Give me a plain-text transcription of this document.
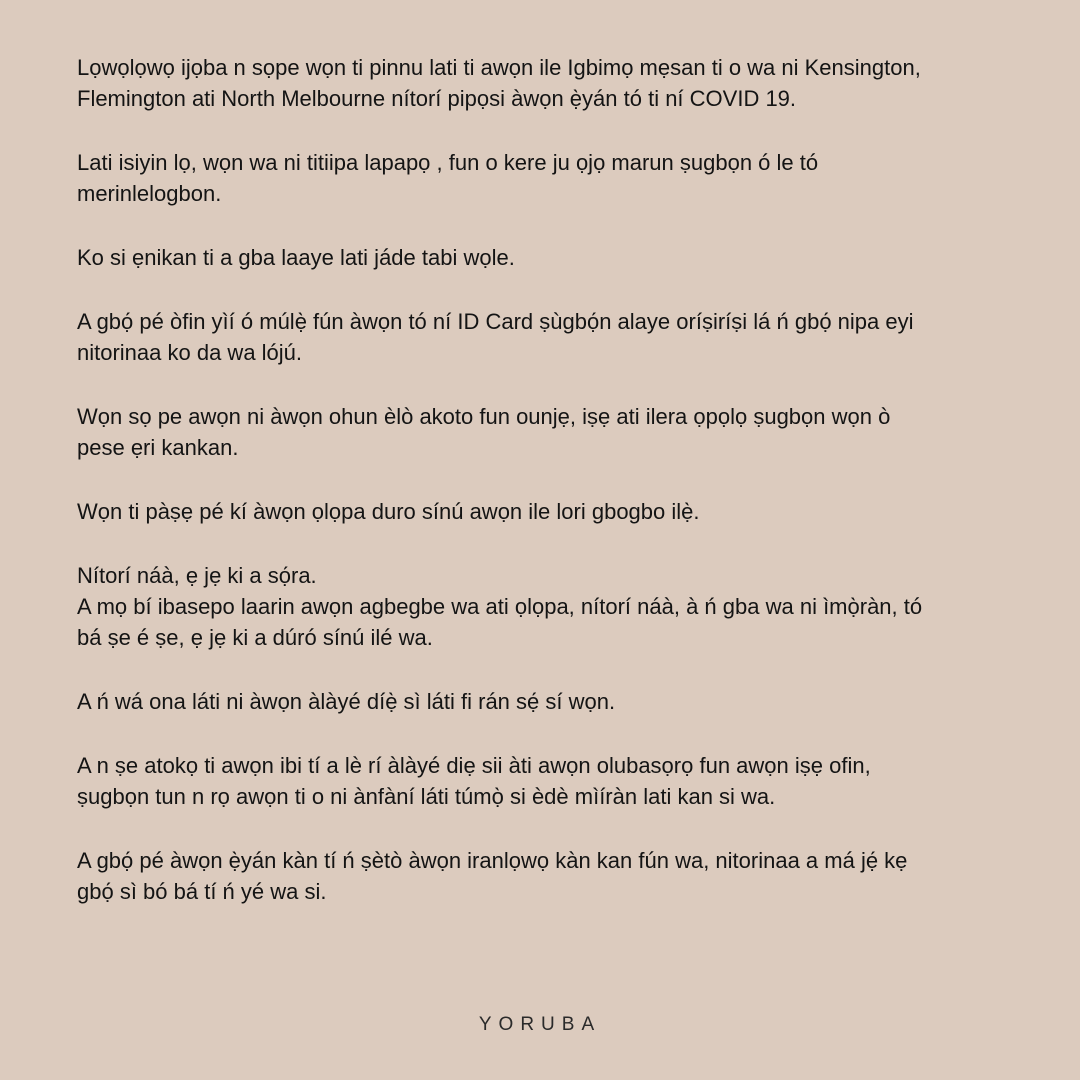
Lọwọlọwọ ijọba n sọpe wọn ti pinnu lati ti awọn ile Igbimọ mẹsan ti o wa ni Kensington,
Flemington ati North Melbourne nítorí pipọsi àwọn ẹ̀yán tó ti ní COVID 19.

Lati isiyin lọ, wọn wa ni titiipa lapapọ , fun o kere ju ọjọ marun ṣugbọn ó le tó
merinlelogbon.

Ko si ẹnikan ti a gba laaye lati jáde tabi wọle.

A gbọ́ pé òfin yìí ó múlẹ̀ fún àwọn tó ní ID Card ṣùgbọ́n alaye oríṣiríṣi lá ń gbọ́ nipa eyi
nitorinaa ko da wa lójú.

Wọn sọ pe awọn ni àwọn ohun èlò akoto fun ounjẹ, iṣẹ ati ilera ọpọlọ ṣugbọn wọn ò
pese ẹri kankan.

Wọn ti pàṣẹ pé kí àwọn ọlọpa duro sínú awọn ile lori gbogbo ilẹ̀.

Nítorí náà, ẹ jẹ ki a sọ́ra.
A mọ bí ibasepo laarin awọn agbegbe wa ati ọlọpa, nítorí náà, à ń gba wa ni ìmọ̀ràn, tó
bá ṣe é ṣe, ẹ jẹ ki a dúró sínú ilé wa.

A ń wá ona láti ni àwọn àlàyé díẹ̀ sì láti fi rán sẹ́ sí wọn.

A n ṣe atokọ ti awọn ibi tí a lè rí àlàyé diẹ sii àti awọn olubasọrọ fun awọn iṣẹ ofin,
ṣugbọn tun n rọ awọn ti o ni ànfàní láti túmọ̀ si èdè mìíràn lati kan si wa.

A gbọ́ pé àwọn ẹ̀yán kàn tí ń ṣètò àwọn iranlọwọ kàn kan fún wa, nitorinaa a má jẹ́ kẹ
gbọ́ sì bó bá tí ń yé wa si.

YORUBA
